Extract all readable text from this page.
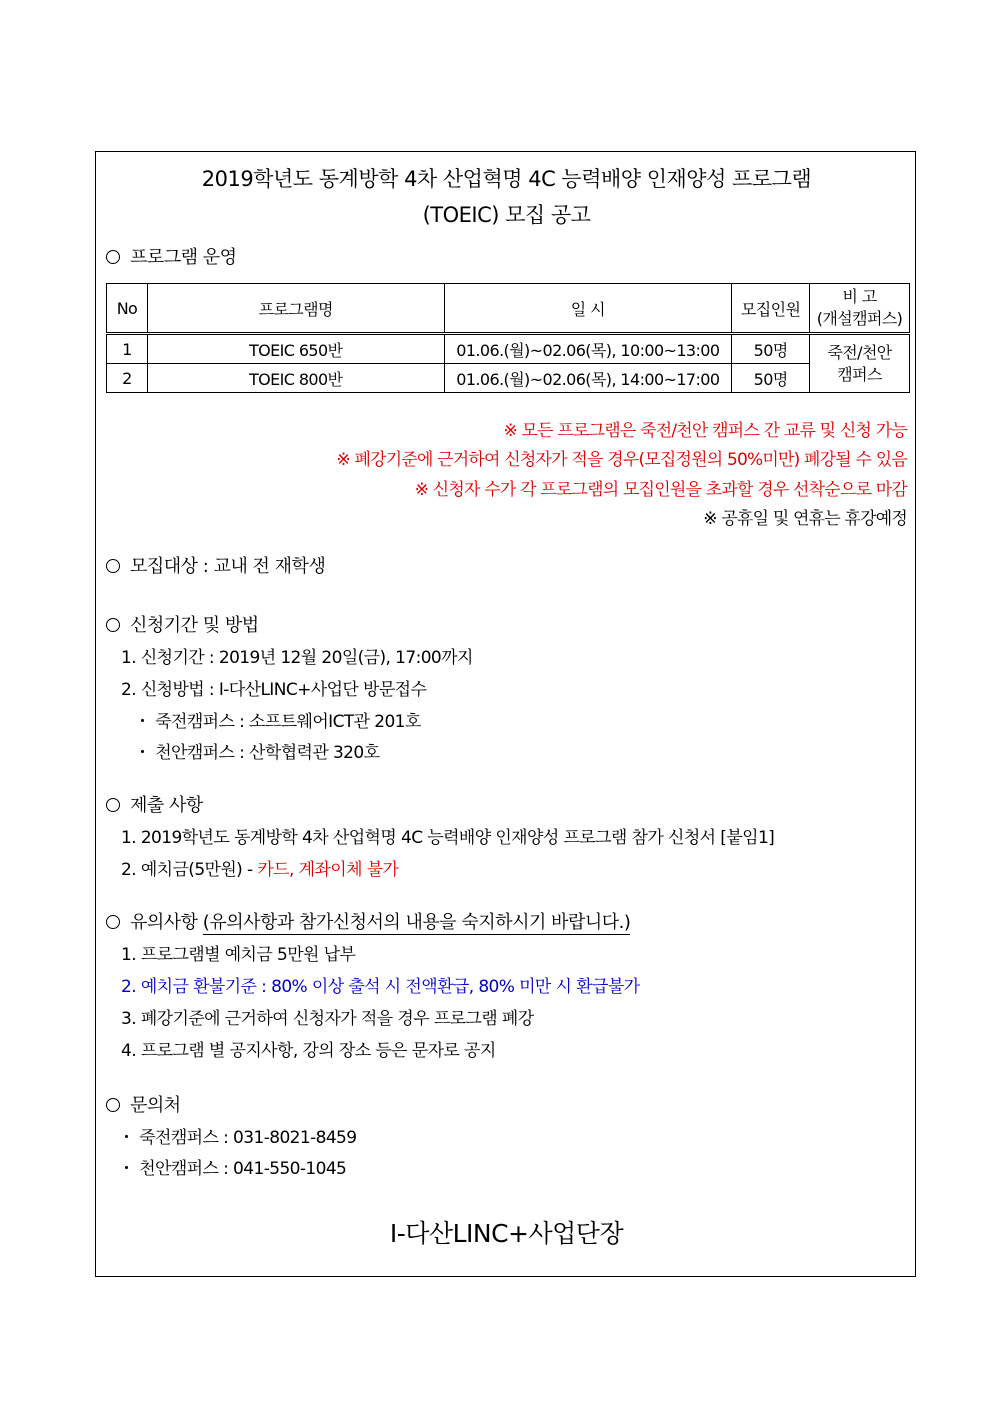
2019학년도 동계방학 4차 산업혁명 4C 능력배양 인재양성 프로그램
(TOEIC) 모집 공고
프로그램 운영
No	프로그램명	일 시	모집인원	비 고
(개설캠퍼스)

1	TOEIC 650반	01.06.(월)~02.06(목), 10:00~13:00	50명	죽전/천안
캠퍼스

2	TOEIC 800반	01.06.(월)~02.06(목), 14:00~17:00	50명	
※ 모든 프로그램은 죽전/천안 캠퍼스 간 교류 및 신청 가능
※ 폐강기준에 근거하여 신청자가 적을 경우(모집정원의 50%미만) 폐강될 수 있음
※ 신청자 수가 각 프로그램의 모집인원을 초과할 경우 선착순으로 마감
※ 공휴일 및 연휴는 휴강예정
모집대상 : 교내 전 재학생
신청기간 및 방법
1. 신청기간 : 2019년 12월 20일(금), 17:00까지
2. 신청방법 : I-다산LINC+사업단 방문접수
・ 죽전캠퍼스 : 소프트웨어ICT관 201호
・ 천안캠퍼스 : 산학협력관 320호
제출 사항
1. 2019학년도 동계방학 4차 산업혁명 4C 능력배양 인재양성 프로그램 참가 신청서 [붙임1]
2. 예치금(5만원) - 카드, 계좌이체 불가
유의사항 (유의사항과 참가신청서의 내용을 숙지하시기 바랍니다.)
1. 프로그램별 예치금 5만원 납부
2. 예치금 환불기준 : 80% 이상 출석 시 전액환급, 80% 미만 시 환급불가
3. 폐강기준에 근거하여 신청자가 적을 경우 프로그램 폐강
4. 프로그램 별 공지사항, 강의 장소 등은 문자로 공지
문의처
・ 죽전캠퍼스 : 031-8021-8459
・ 천안캠퍼스 : 041-550-1045
I-다산LINC+사업단장
